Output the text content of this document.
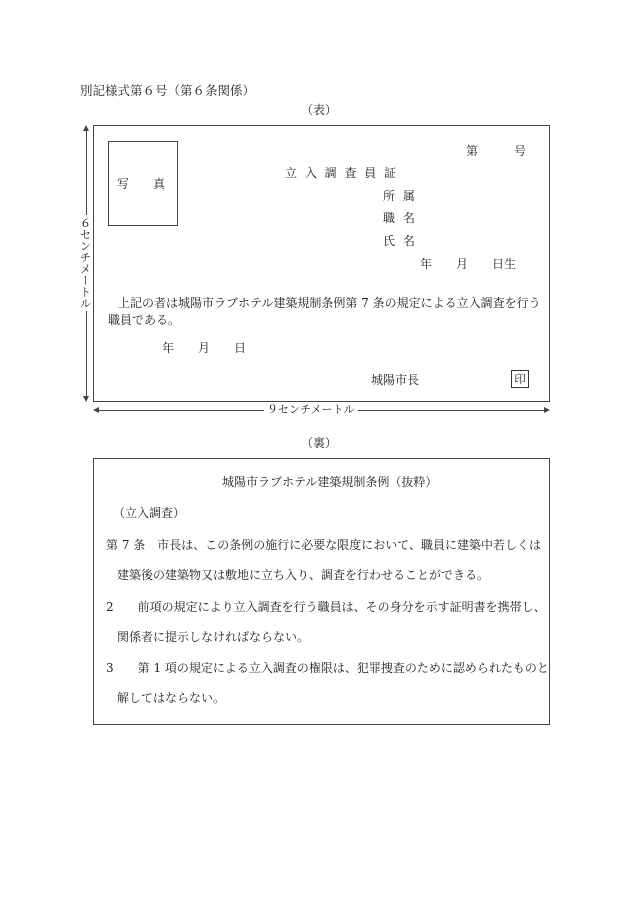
別記様式第６号（第６条関係）
（表）
写　　真
第　　　号
立 入 調 査 員 証
所 属
職 名
氏 名
年　　月　　日生
上記の者は城陽市ラブホテル建築規制条例第 7 条の規定による立入調査を行う職員である。
年　　月　　日
城陽市長	印
６センチメートル
９センチメートル
（裏）
城陽市ラブホテル建築規制条例（抜粋）
（立入調査）
第 7 条　市長は、この条例の施行に必要な限度において、職員に建築中若しくは
建築後の建築物又は敷地に立ち入り、調査を行わせることができる。
2　　前項の規定により立入調査を行う職員は、その身分を示す証明書を携帯し、
関係者に提示しなければならない。
3　　第 1 項の規定による立入調査の権限は、犯罪捜査のために認められたものと
解してはならない。
